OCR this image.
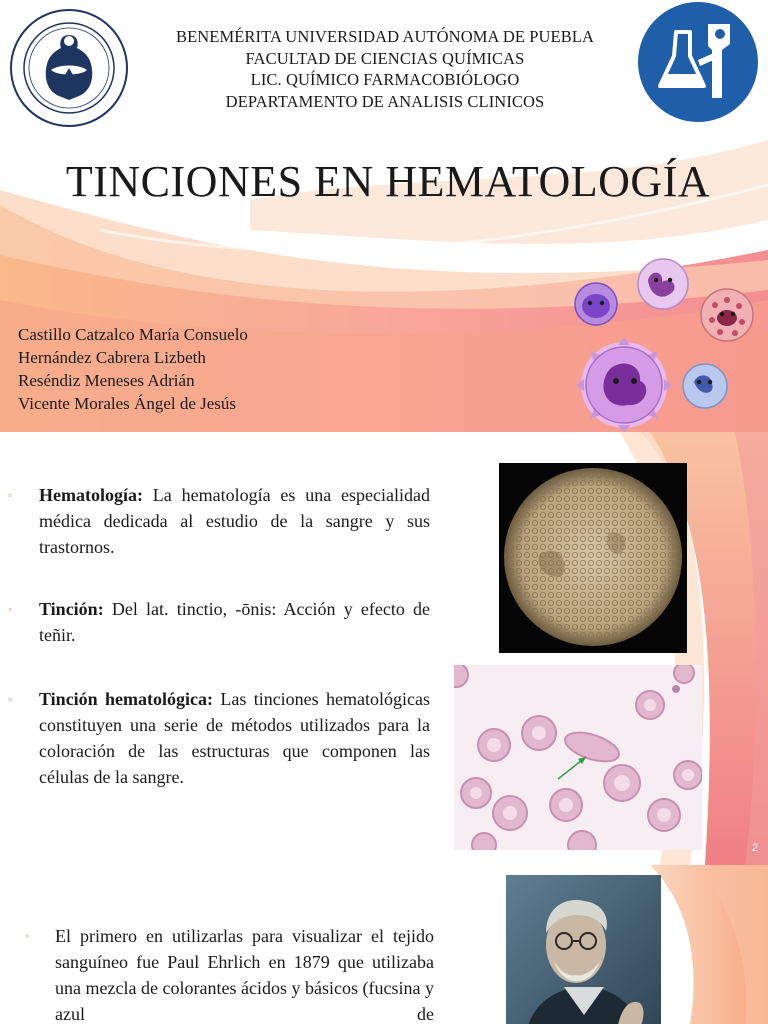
BENEMÉRITA UNIVERSIDAD AUTÓNOMA DE PUEBLA
FACULTAD DE CIENCIAS QUÍMICAS
LIC. QUÍMICO FARMACOBIÓLOGO
DEPARTAMENTO DE ANALISIS CLINICOS
TINCIONES EN HEMATOLOGÍA
Castillo Catzalco María Consuelo
Hernández Cabrera Lizbeth
Reséndiz Meneses Adrián
Vicente Morales Ángel de Jesús
◦ Hematología: La hematología es una especialidad médica dedicada al estudio de la sangre y sus trastornos.
◦ Tinción: Del lat. tinctio, -ōnis: Acción y efecto de teñir.
◦ Tinción hematológica: Las tinciones hematológicas constituyen una serie de métodos utilizados para la coloración de las estructuras que componen las células de la sangre.
2
◦ El primero en utilizarlas para visualizar el tejido sanguíneo fue Paul Ehrlich en 1879 que utilizaba una mezcla de colorantes ácidos y básicos (fucsina y azul de
